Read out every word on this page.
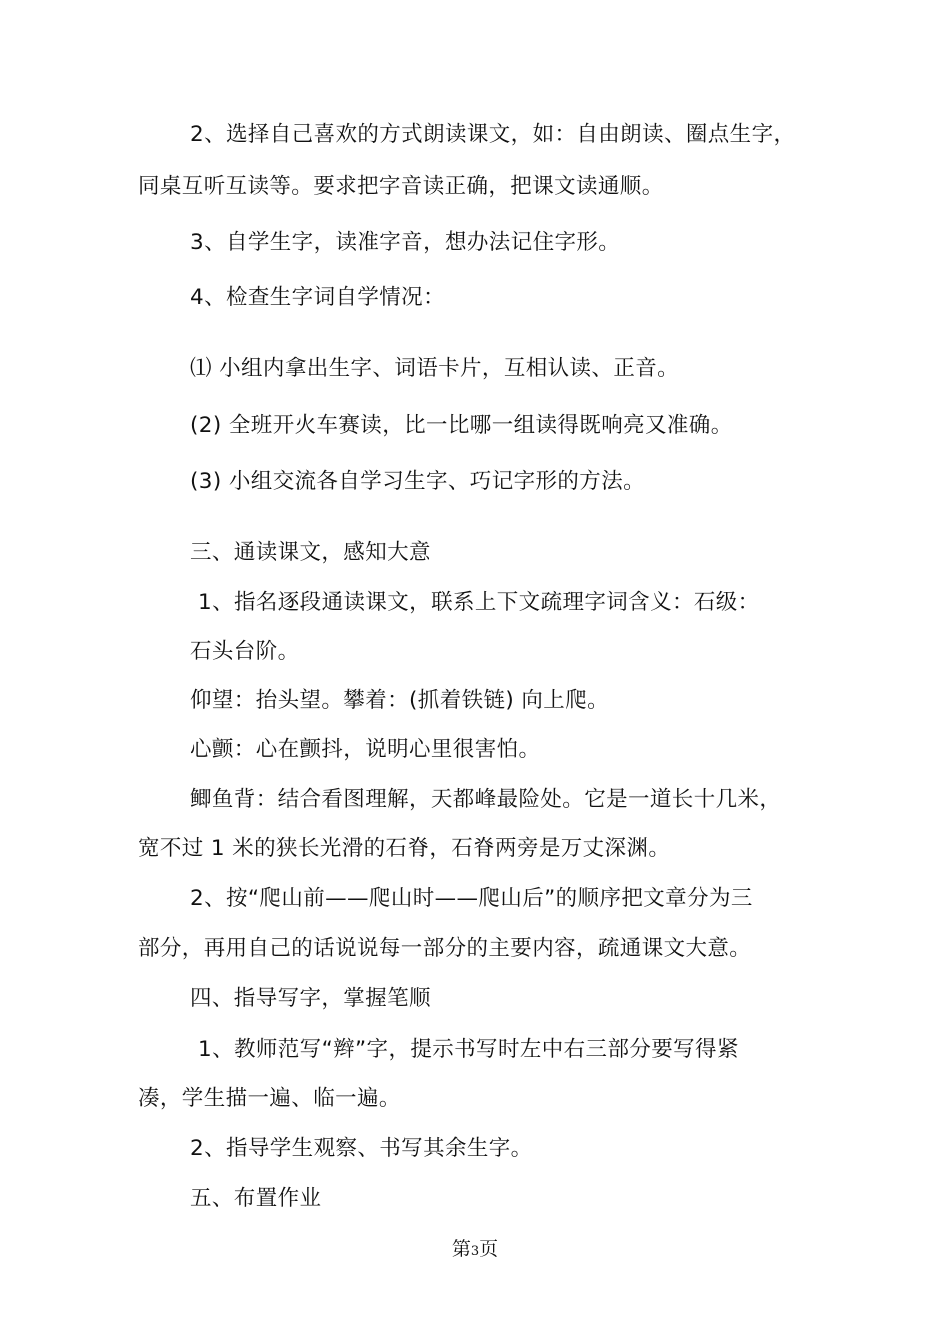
2、选择自己喜欢的方式朗读课文，如：自由朗读、圈点生字，

同桌互听互读等。要求把字音读正确，把课文读通顺。

3、自学生字，读准字音，想办法记住字形。

4、检查生字词自学情况：

⑴ 小组内拿出生字、词语卡片，互相认读、正音。

(2) 全班开火车赛读，比一比哪一组读得既响亮又准确。

(3) 小组交流各自学习生字、巧记字形的方法。

三、通读课文，感知大意

1、指名逐段通读课文，联系上下文疏理字词含义：石级：

石头台阶。

仰望：抬头望。攀着：(抓着铁链) 向上爬。

心颤：心在颤抖，说明心里很害怕。

鲫鱼背：结合看图理解，天都峰最险处。它是一道长十几米，

宽不过 1 米的狭长光滑的石脊，石脊两旁是万丈深渊。

2、按“爬山前——爬山时——爬山后”的顺序把文章分为三

部分，再用自己的话说说每一部分的主要内容，疏通课文大意。

四、指导写字，掌握笔顺

1、教师范写“辫”字，提示书写时左中右三部分要写得紧

凑，学生描一遍、临一遍。

2、指导学生观察、书写其余生字。

五、布置作业

第3页
